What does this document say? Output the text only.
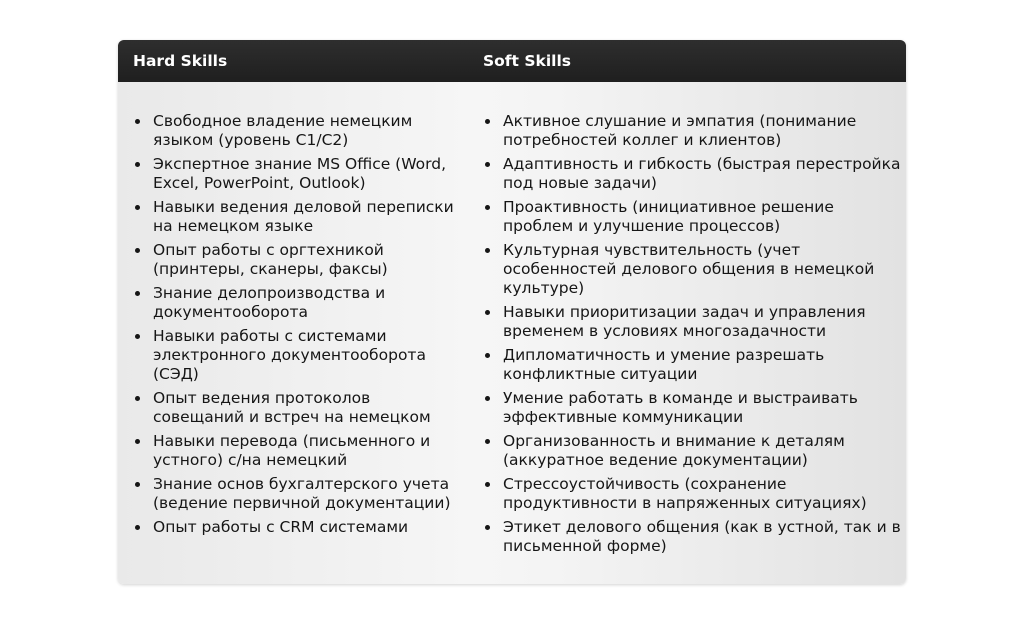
Hard Skills	Soft Skills
Свободное владение немецким языком (уровень C1/C2)
Экспертное знание MS Office (Word, Excel, PowerPoint, Outlook)
Навыки ведения деловой переписки на немецком языке
Опыт работы с оргтехникой (принтеры, сканеры, факсы)
Знание делопроизводства и документооборота
Навыки работы с системами электронного документооборота (СЭД)
Опыт ведения протоколов совещаний и встреч на немецком
Навыки перевода (письменного и устного) с/на немецкий
Знание основ бухгалтерского учета (ведение первичной документации)
Опыт работы с CRM системами
Активное слушание и эмпатия (понимание потребностей коллег и клиентов)
Адаптивность и гибкость (быстрая перестройка под новые задачи)
Проактивность (инициативное решение проблем и улучшение процессов)
Культурная чувствительность (учет особенностей делового общения в немецкой культуре)
Навыки приоритизации задач и управления временем в условиях многозадачности
Дипломатичность и умение разрешать конфликтные ситуации
Умение работать в команде и выстраивать эффективные коммуникации
Организованность и внимание к деталям (аккуратное ведение документации)
Стрессоустойчивость (сохранение продуктивности в напряженных ситуациях)
Этикет делового общения (как в устной, так и в письменной форме)
